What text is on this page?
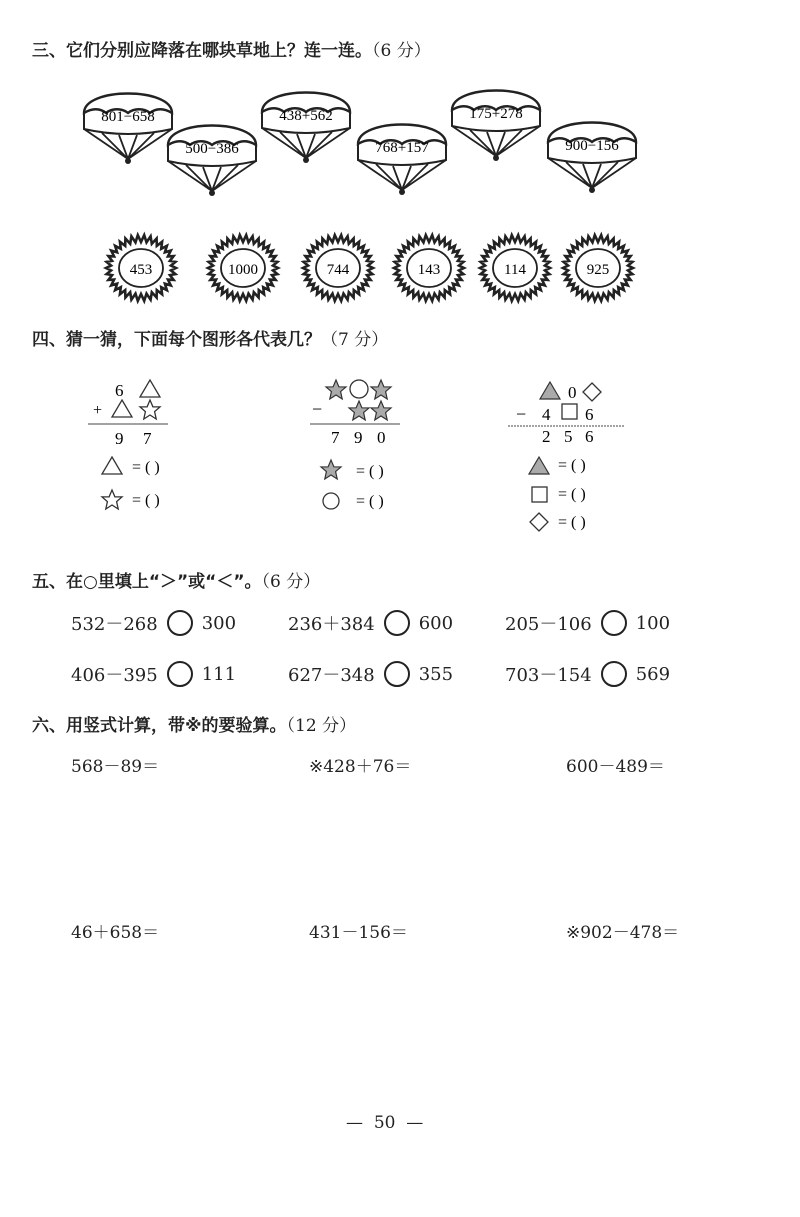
三、它们分别应降落在哪块草地上？连一连。（6 分）
801−658
500−386
438+562
768+157
175+278
900−156
453	1000	744	143	114	925
四、猜一猜，下面每个图形各代表几？（7 分）
6
+
9 7
= ( )
= ( )
−
7 9 0
= ( )
= ( )
0
− 4 6
2 5 6
= ( )
= ( )
= ( )
五、在○里填上“＞”或“＜”。（6 分）
532－268 300	236＋384 600	205－106 100
406－395 111	627－348 355	703－154 569
六、用竖式计算，带※的要验算。（12 分）
568－89＝	※428＋76＝	600－489＝
46＋658＝	431－156＝	※902－478＝
— 50 —
